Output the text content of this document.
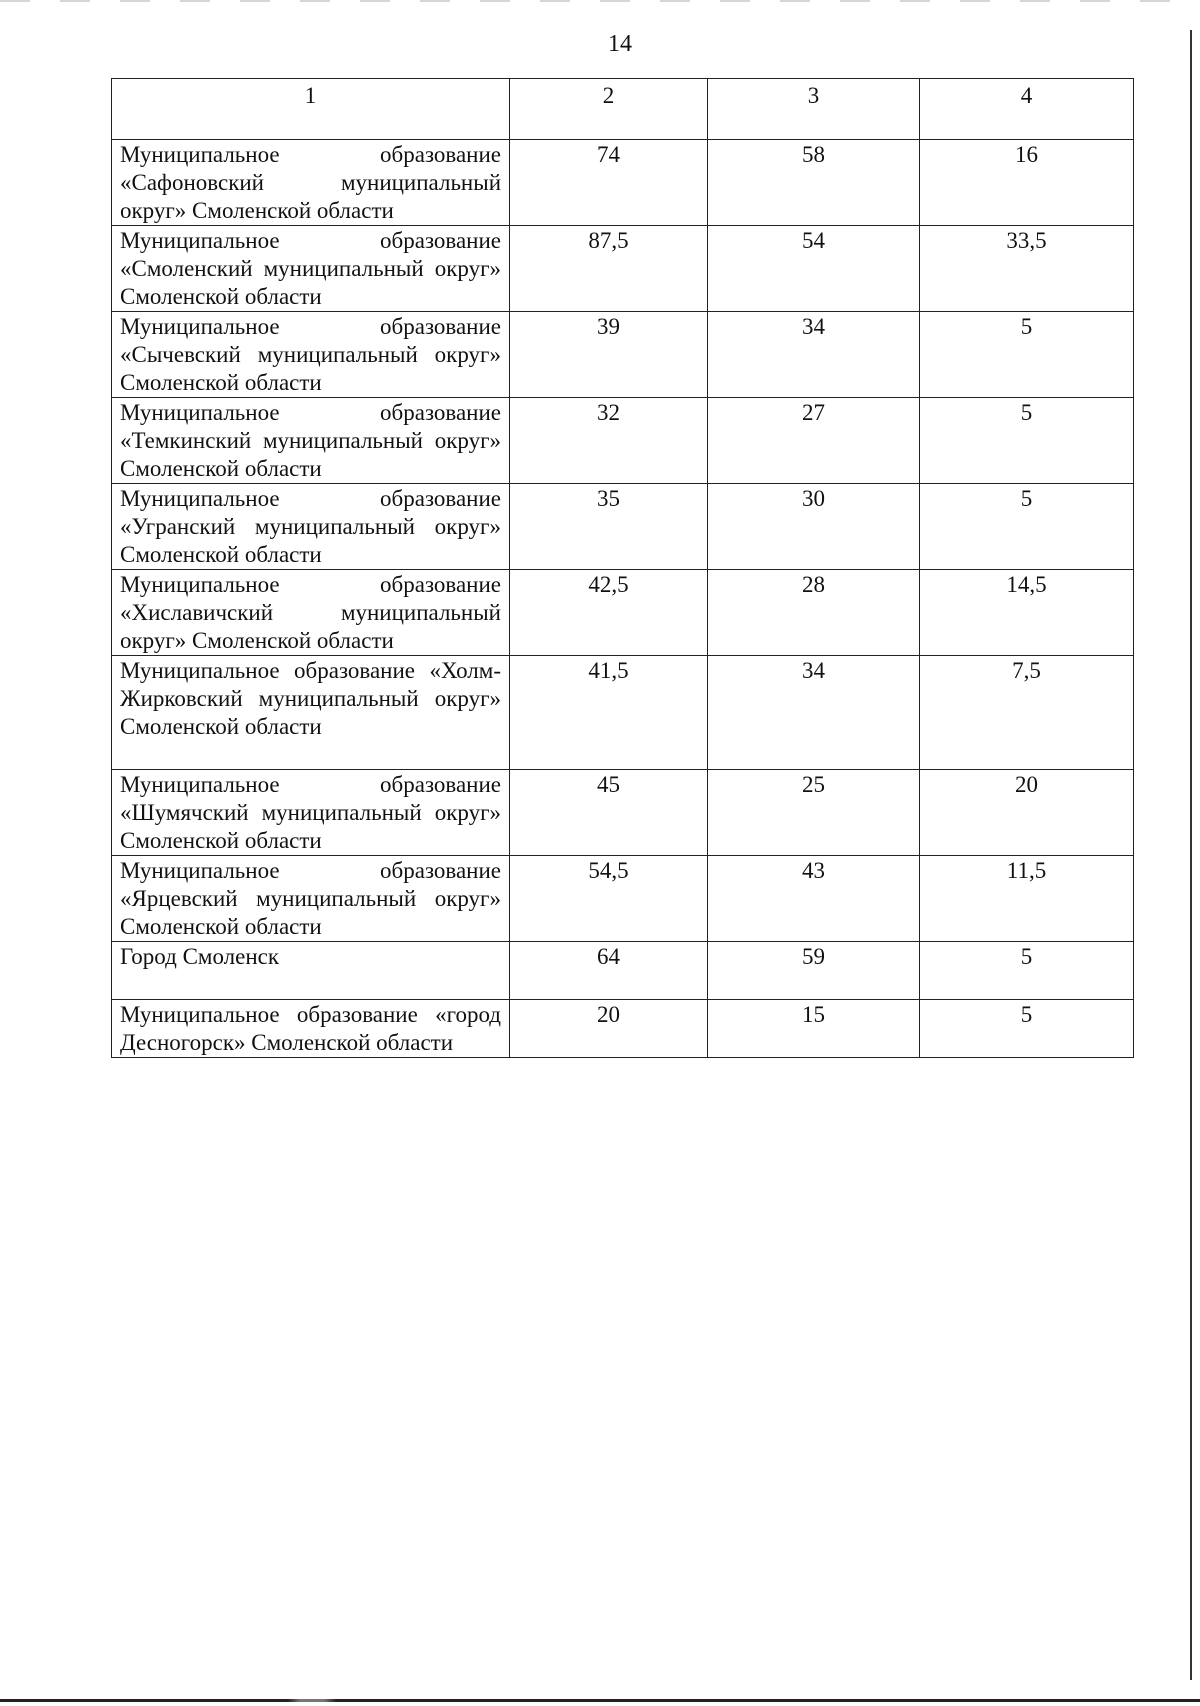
14
1	2	3	4
Муниципальное образование «Сафоновский муниципальный округ» Смоленской области	74	58	16
Муниципальное образование «Смоленский муниципальный округ» Смоленской области	87,5	54	33,5
Муниципальное образование «Сычевский муниципальный округ» Смоленской области	39	34	5
Муниципальное образование «Темкинский муниципальный округ» Смоленской области	32	27	5
Муниципальное образование «Угранский муниципальный округ» Смоленской области	35	30	5
Муниципальное образование «Хиславичский муниципальный округ» Смоленской области	42,5	28	14,5
Муниципальное образование «Холм-Жирковский муниципальный округ» Смоленской области	41,5	34	7,5
Муниципальное образование «Шумячский муниципальный округ» Смоленской области	45	25	20
Муниципальное образование «Ярцевский муниципальный округ» Смоленской области	54,5	43	11,5
Город Смоленск	64	59	5
Муниципальное образование «город Десногорск» Смоленской области	20	15	5
